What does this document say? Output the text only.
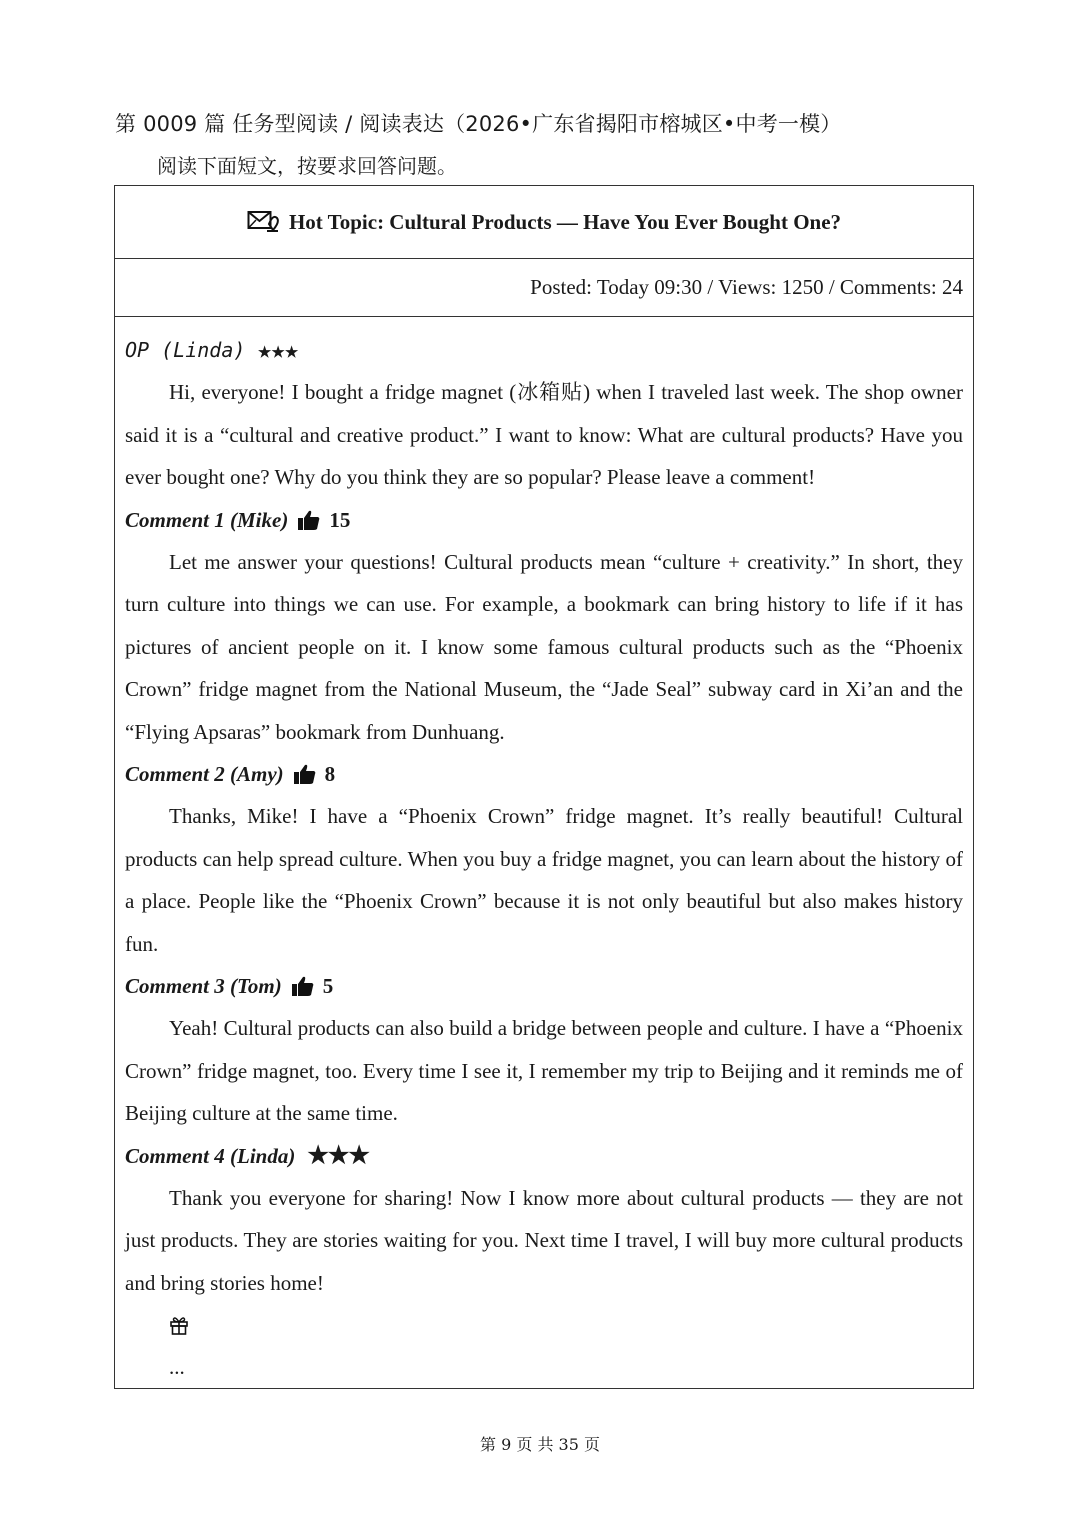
第 0009 篇 任务型阅读 / 阅读表达（2026•广东省揭阳市榕城区•中考一模）
阅读下面短文，按要求回答问题。
Hot Topic: Cultural Products — Have You Ever Bought One?
Posted: Today 09:30 / Views: 1250 / Comments: 24
OP (Linda) ★★★

Hi, everyone! I bought a fridge magnet (冰箱贴) when I traveled last week. The shop owner said it is a “cultural and creative product.” I want to know: What are cultural products? Have you ever bought one? Why do you think they are so popular? Please leave a comment!

Comment 1 (Mike) 15

Let me answer your questions! Cultural products mean “culture + creativity.” In short, they turn culture into things we can use. For example, a bookmark can bring history to life if it has pictures of ancient people on it. I know some famous cultural products such as the “Phoenix Crown” fridge magnet from the National Museum, the “Jade Seal” subway card in Xi’an and the “Flying Apsaras” bookmark from Dunhuang.

Comment 2 (Amy) 8

Thanks, Mike! I have a “Phoenix Crown” fridge magnet. It’s really beautiful! Cultural products can help spread culture. When you buy a fridge magnet, you can learn about the history of a place. People like the “Phoenix Crown” because it is not only beautiful but also makes history fun.

Comment 3 (Tom) 5

Yeah! Cultural products can also build a bridge between people and culture. I have a “Phoenix Crown” fridge magnet, too. Every time I see it, I remember my trip to Beijing and it reminds me of Beijing culture at the same time.

Comment 4 (Linda) ★★★

Thank you everyone for sharing! Now I know more about cultural products — they are not just products. They are stories waiting for you. Next time I travel, I will buy more cultural products and bring stories home!

...
第 9 页 共 35 页
